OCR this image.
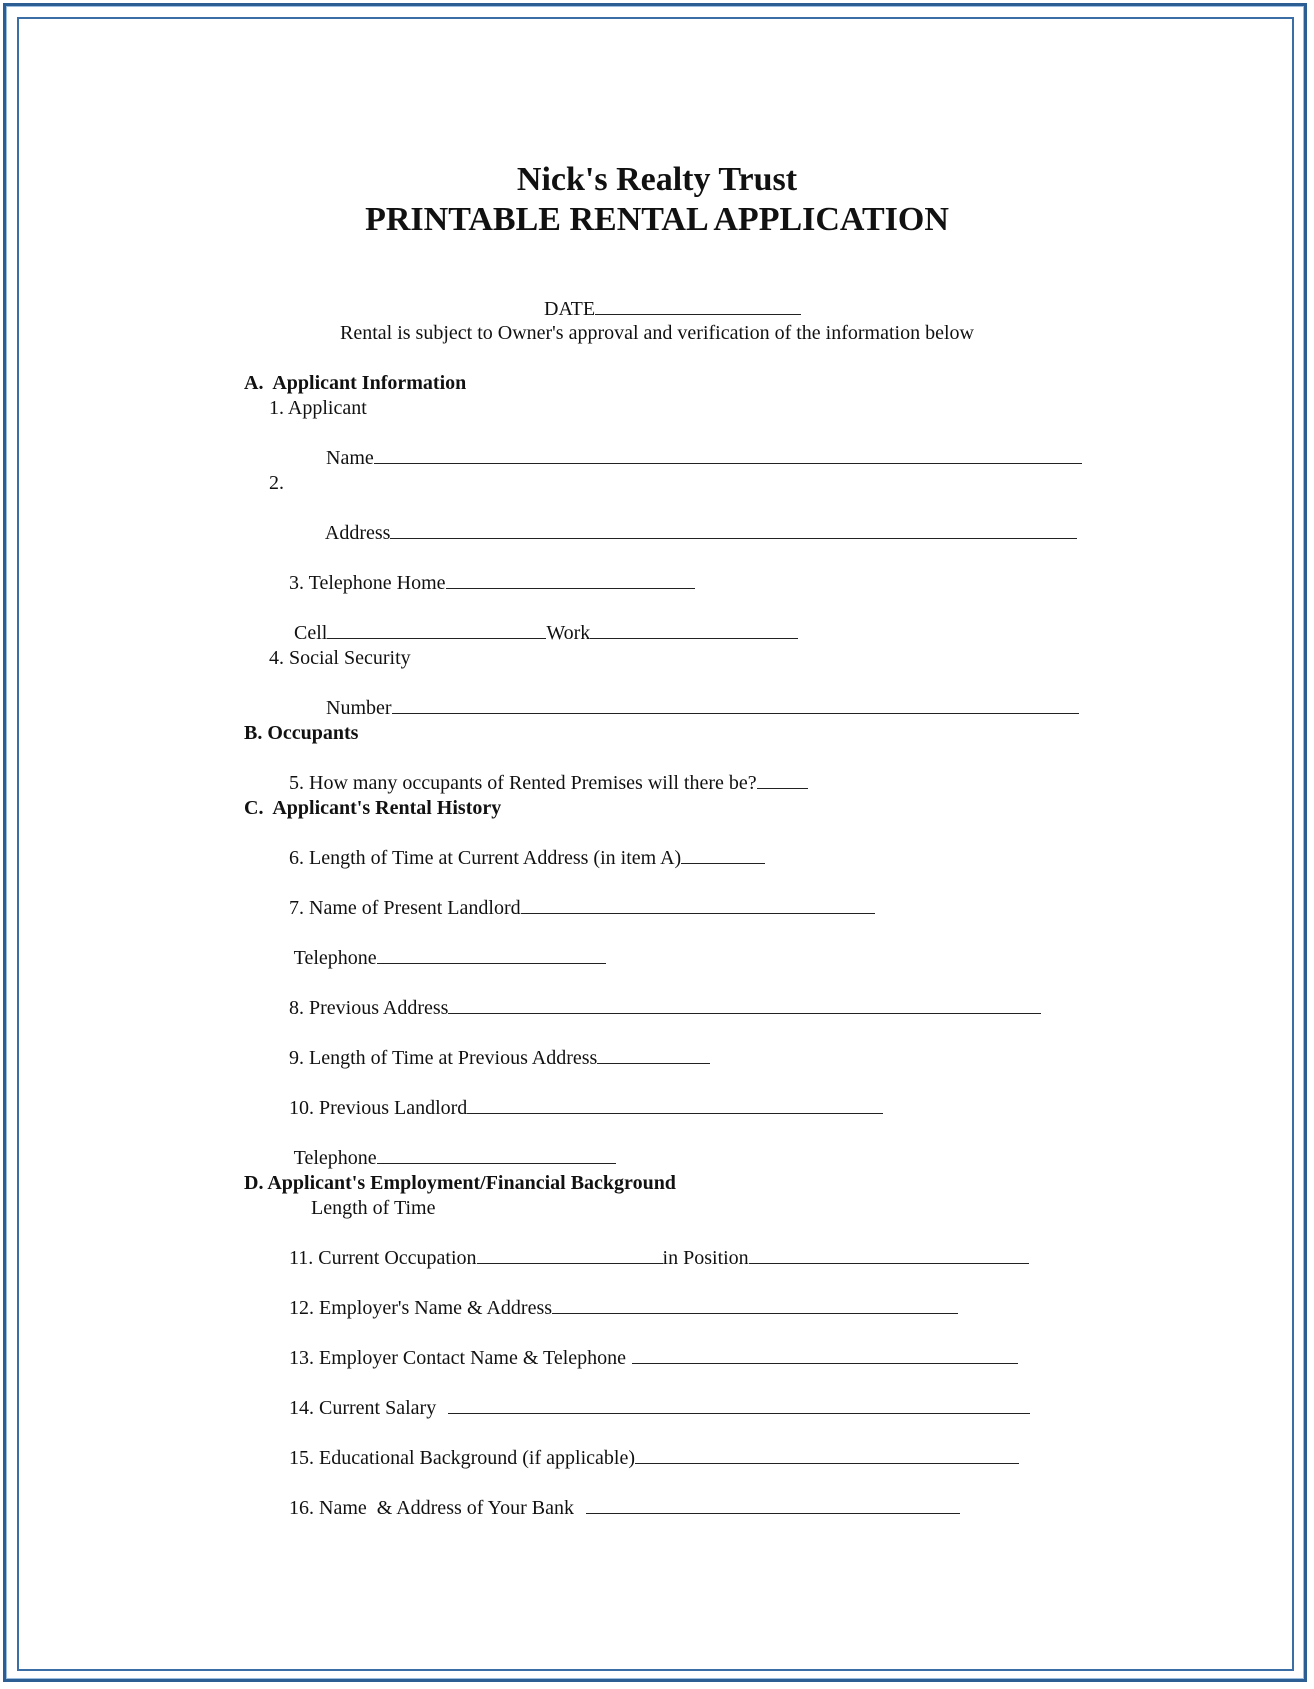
Nick's Realty Trust
PRINTABLE RENTAL APPLICATION

DATE

Rental is subject to Owner's approval and verification of the information below
A.  Applicant Information
1. Applicant

Name

2.

Address

3. Telephone Home

Cell	Work

4. Social Security

Number

B. Occupants

5. How many occupants of Rented Premises will there be?

C.  Applicant's Rental History

6. Length of Time at Current Address (in item A)

7. Name of Present Landlord

Telephone

8. Previous Address

9. Length of Time at Previous Address

10. Previous Landlord

Telephone

D. Applicant's Employment/Financial Background
Length of Time

11. Current Occupation	in Position

12. Employer's Name & Address

13. Employer Contact Name & Telephone

14. Current Salary

15. Educational Background (if applicable)

16. Name  & Address of Your Bank
